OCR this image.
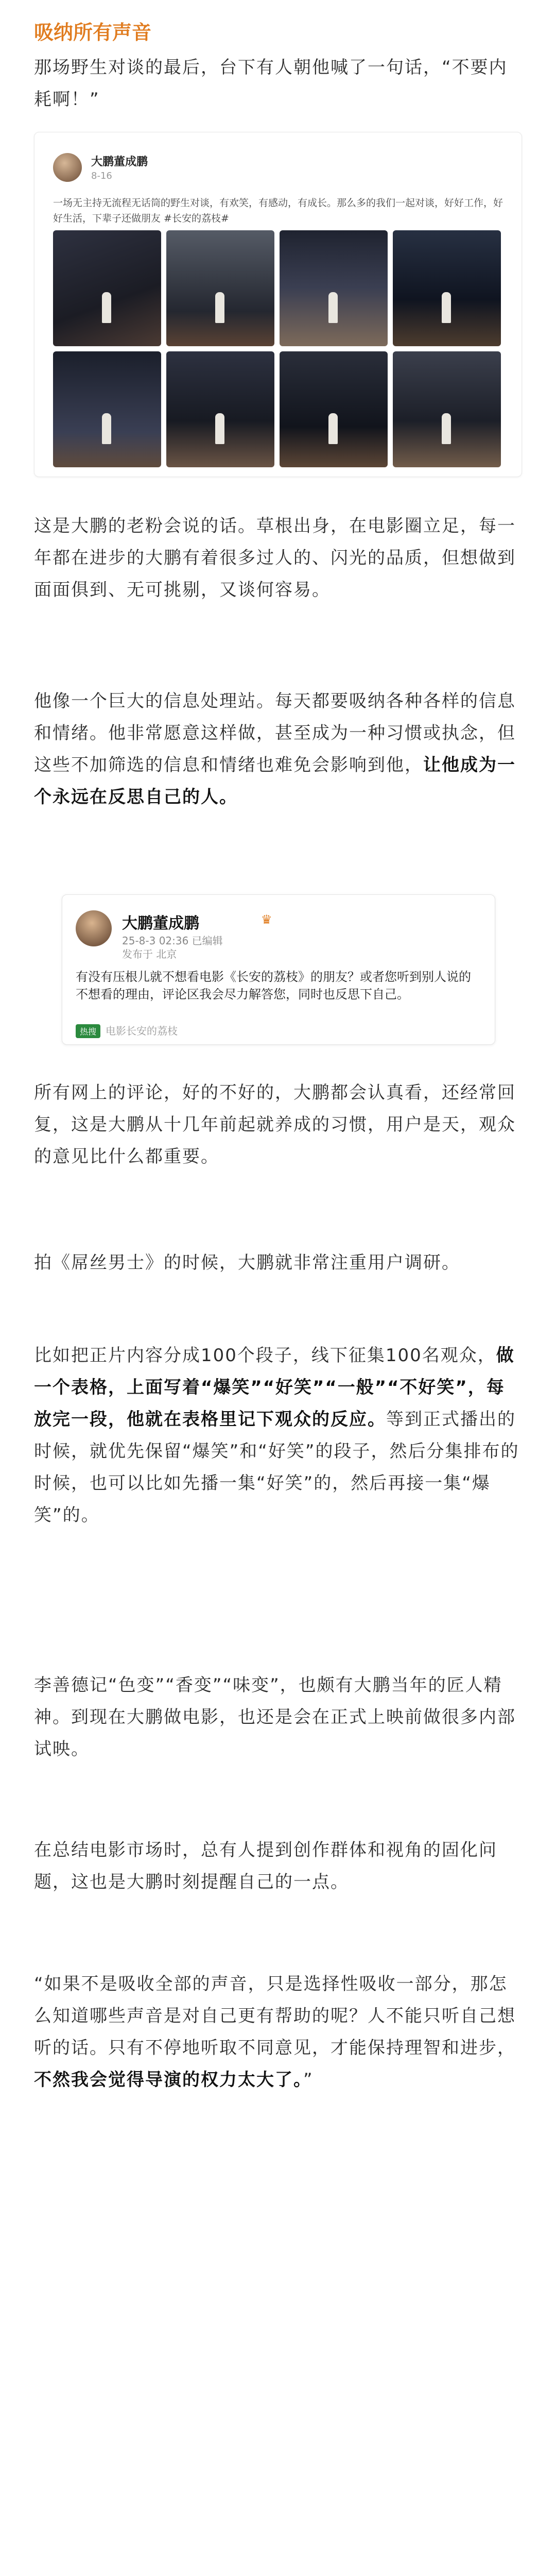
吸纳所有声音
那场野生对谈的最后，台下有人朝他喊了一句话，“不要内耗啊！”
大鹏董成鹏
8-16
一场无主持无流程无话筒的野生对谈，有欢笑，有感动，有成长。那么多的我们一起对谈，好好工作，好好生活，下辈子还做朋友 #长安的荔枝#
这是大鹏的老粉会说的话。草根出身，在电影圈立足，每一年都在进步的大鹏有着很多过人的、闪光的品质，但想做到面面俱到、无可挑剔，又谈何容易。
他像一个巨大的信息处理站。每天都要吸纳各种各样的信息和情绪。他非常愿意这样做，甚至成为一种习惯或执念，但这些不加筛选的信息和情绪也难免会影响到他，让他成为一个永远在反思自己的人。
大鹏董成鹏	♛
25-8-3 02:36 已编辑
发布于 北京
有没有压根儿就不想看电影《长安的荔枝》的朋友？或者您听到别人说的不想看的理由，评论区我会尽力解答您，同时也反思下自己。
热搜 电影长安的荔枝
所有网上的评论，好的不好的，大鹏都会认真看，还经常回复，这是大鹏从十几年前起就养成的习惯，用户是天，观众的意见比什么都重要。
拍《屌丝男士》的时候，大鹏就非常注重用户调研。
比如把正片内容分成100个段子，线下征集100名观众，做一个表格，上面写着“爆笑”“好笑”“一般”“不好笑”，每放完一段，他就在表格里记下观众的反应。等到正式播出的时候，就优先保留“爆笑”和“好笑”的段子，然后分集排布的时候，也可以比如先播一集“好笑”的，然后再接一集“爆笑”的。
李善德记“色变”“香变”“味变”，也颇有大鹏当年的匠人精神。到现在大鹏做电影，也还是会在正式上映前做很多内部试映。
在总结电影市场时，总有人提到创作群体和视角的固化问题，这也是大鹏时刻提醒自己的一点。
“如果不是吸收全部的声音，只是选择性吸收一部分，那怎么知道哪些声音是对自己更有帮助的呢？人不能只听自己想听的话。只有不停地听取不同意见，才能保持理智和进步，不然我会觉得导演的权力太大了。”
